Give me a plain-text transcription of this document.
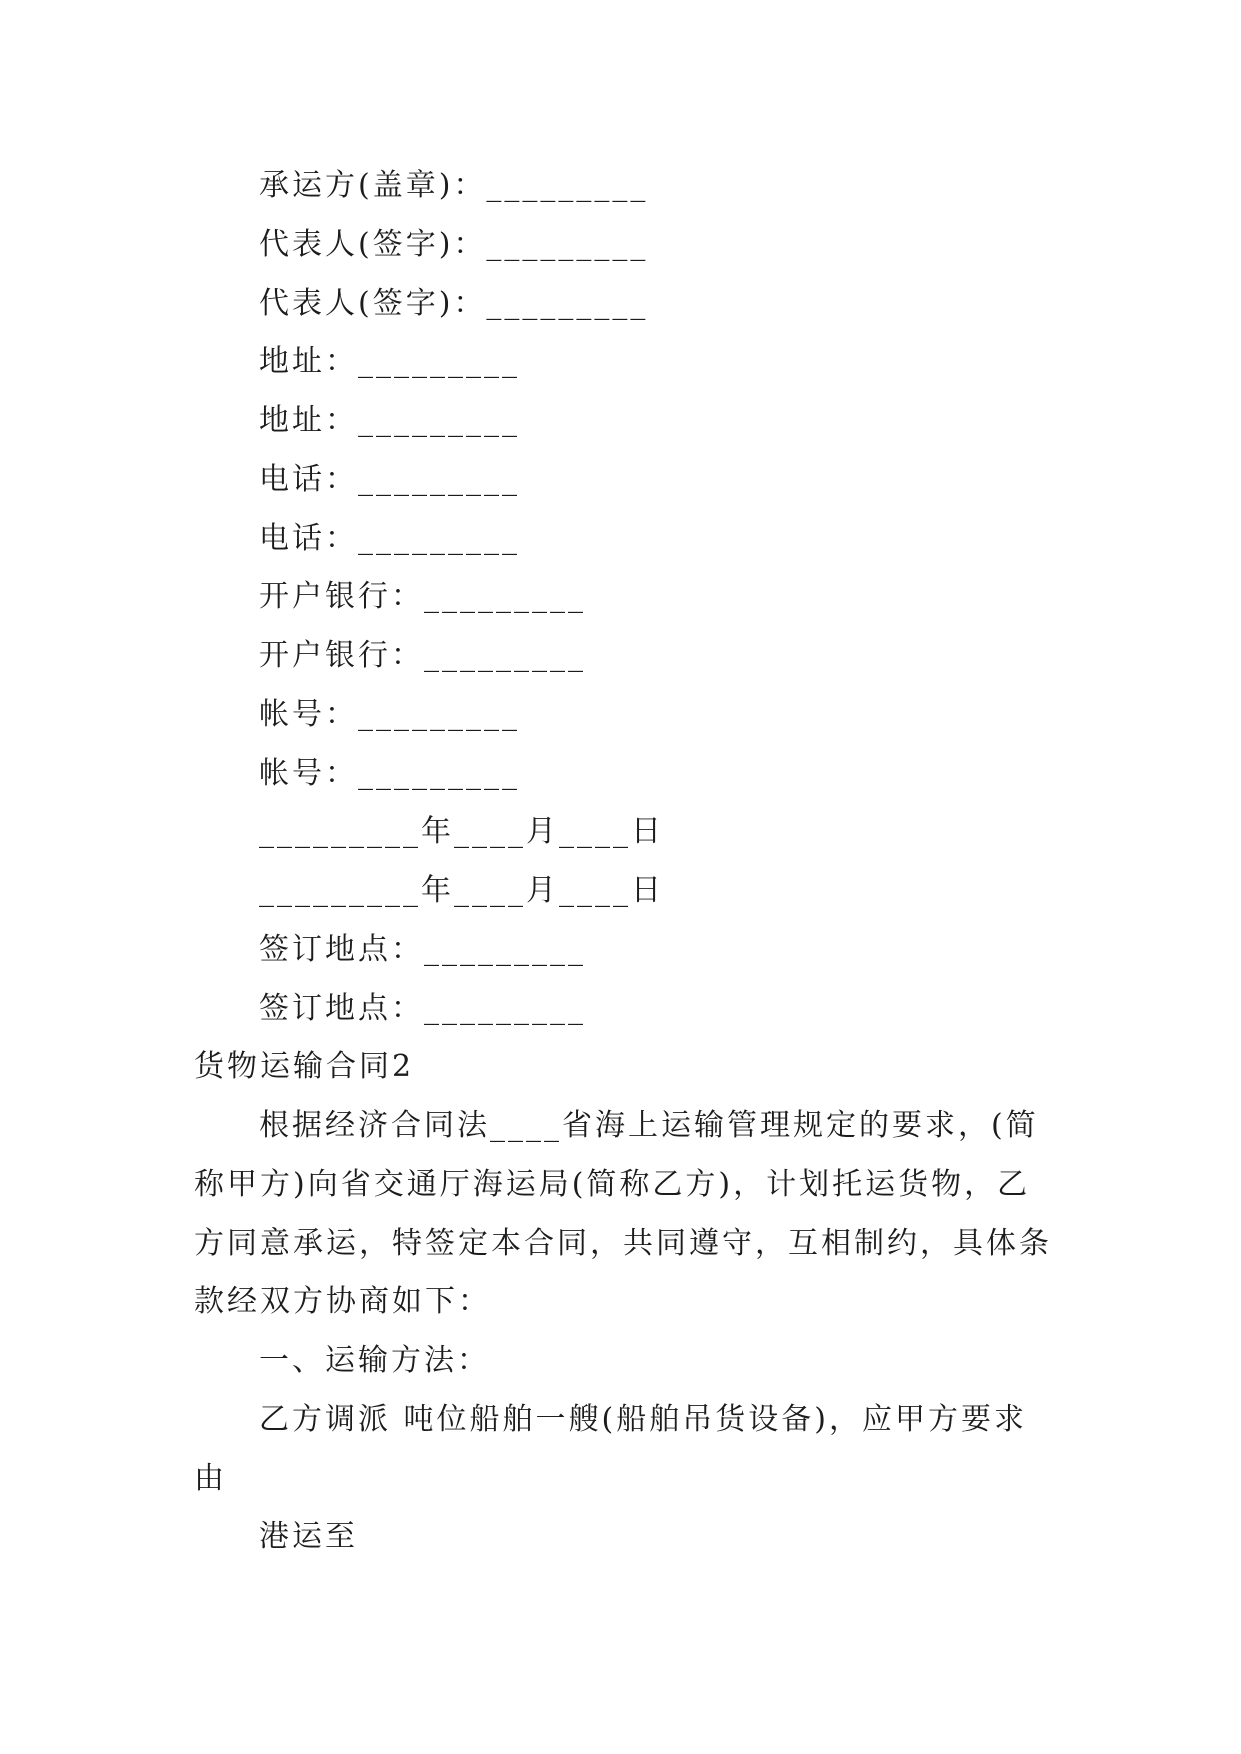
承运方(盖章)：_________
代表人(签字)：_________
代表人(签字)：_________
地址：_________
地址：_________
电话：_________
电话：_________
开户银行：_________
开户银行：_________
帐号：_________
帐号：_________
_________年____月____日
_________年____月____日
签订地点：_________
签订地点：_________
货物运输合同2
根据经济合同法____省海上运输管理规定的要求，(简
称甲方)向省交通厅海运局(简称乙方)，计划托运货物，乙
方同意承运，特签定本合同，共同遵守，互相制约，具体条
款经双方协商如下：
一、运输方法：
乙方调派 吨位船舶一艘(船舶吊货设备)，应甲方要求
由
港运至
